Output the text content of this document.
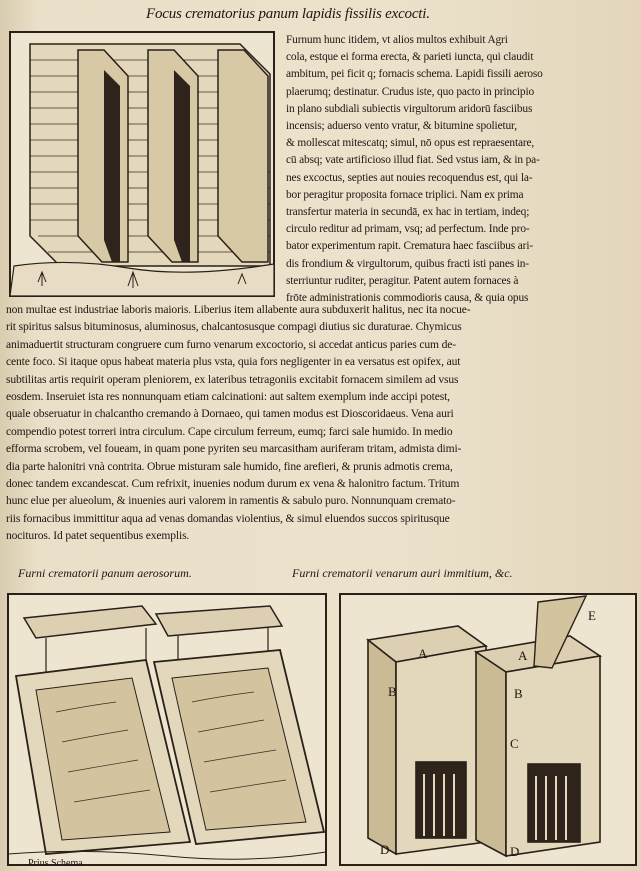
Focus crematorius panum lapidis fissilis excocti.
Furnum hunc itidem, vt alios multos exhibuit Agri
cola, estque ei forma erecta, & parieti iuncta, qui claudit
ambitum, pei ficit q; fornacis schema. Lapidi fissili aeroso
plaerumq; destinatur. Crudus iste, quo pacto in principio
in plano subdiali subiectis virgultorum aridorū fasciibus
incensis; aduerso vento vratur, & bitumine spolietur,
& mollescat mitescatq; simul, nō opus est repraesentare,
cū absq; vate artificioso illud fiat. Sed vstus iam, & in pa-
nes excoctus, septies aut nouies recoquendus est, qui la-
bor peragitur proposita fornace triplici. Nam ex prima
transfertur materia in secundā, ex hac in tertiam, indeq;
circulo reditur ad primam, vsq; ad perfectum. Inde pro-
bator experimentum rapit. Crematura haec fasciibus ari-
dis frondium & virgultorum, quibus fracti isti panes in-
sterriuntur ruditer, peragitur. Patent autem fornaces à
frōte administrationis commodioris causa, & quia opus
non multae est industriae laboris maioris. Liberius item allabente aura subduxerit halitus, nec ita nocue-
rit spiritus salsus bituminosus, aluminosus, chalcantosusque compagi diutius sic duraturae. Chymicus
animaduertit structuram congruere cum furno venarum excoctorio, si accedat anticus paries cum de-
cente foco. Si itaque opus habeat materia plus vsta, quia fors negligenter in ea versatus est opifex, aut
subtilitas artis requirit operam pleniorem, ex lateribus tetragoniis excitabit fornacem similem ad vsus
eosdem. Inseruiet ista res nonnunquam etiam calcinationi: aut saltem exemplum inde accipi potest,
quale obseruatur in chalcantho cremando à Dornaeo, qui tamen modus est Dioscoridaeus. Vena auri
compendio potest torreri intra circulum. Cape circulum ferreum, eumq; farci sale humido. In medio
efforma scrobem, vel foueam, in quam pone pyriten seu marcasitham auriferam tritam, admista dimi-
dia parte halonitri vnà contrita. Obrue misturam sale humido, fine arefieri, & prunis admotis crema,
donec tandem excandescat. Cum refrixit, inuenies nodum durum ex vena & halonitro factum. Tritum
hunc elue per alueolum, & inuenies auri valorem in ramentis & sabulo puro. Nonnunquam cremato-
riis fornacibus immittitur aqua ad venas domandas violentius, & simul eluendos succos spiritusque
nocituros. Id patet sequentibus exemplis.
Furni crematorii panum aerosorum.	Furni crematorii venarum auri immitium, &c.
A	A
B	B
C
D	D
E
Prius Schema
